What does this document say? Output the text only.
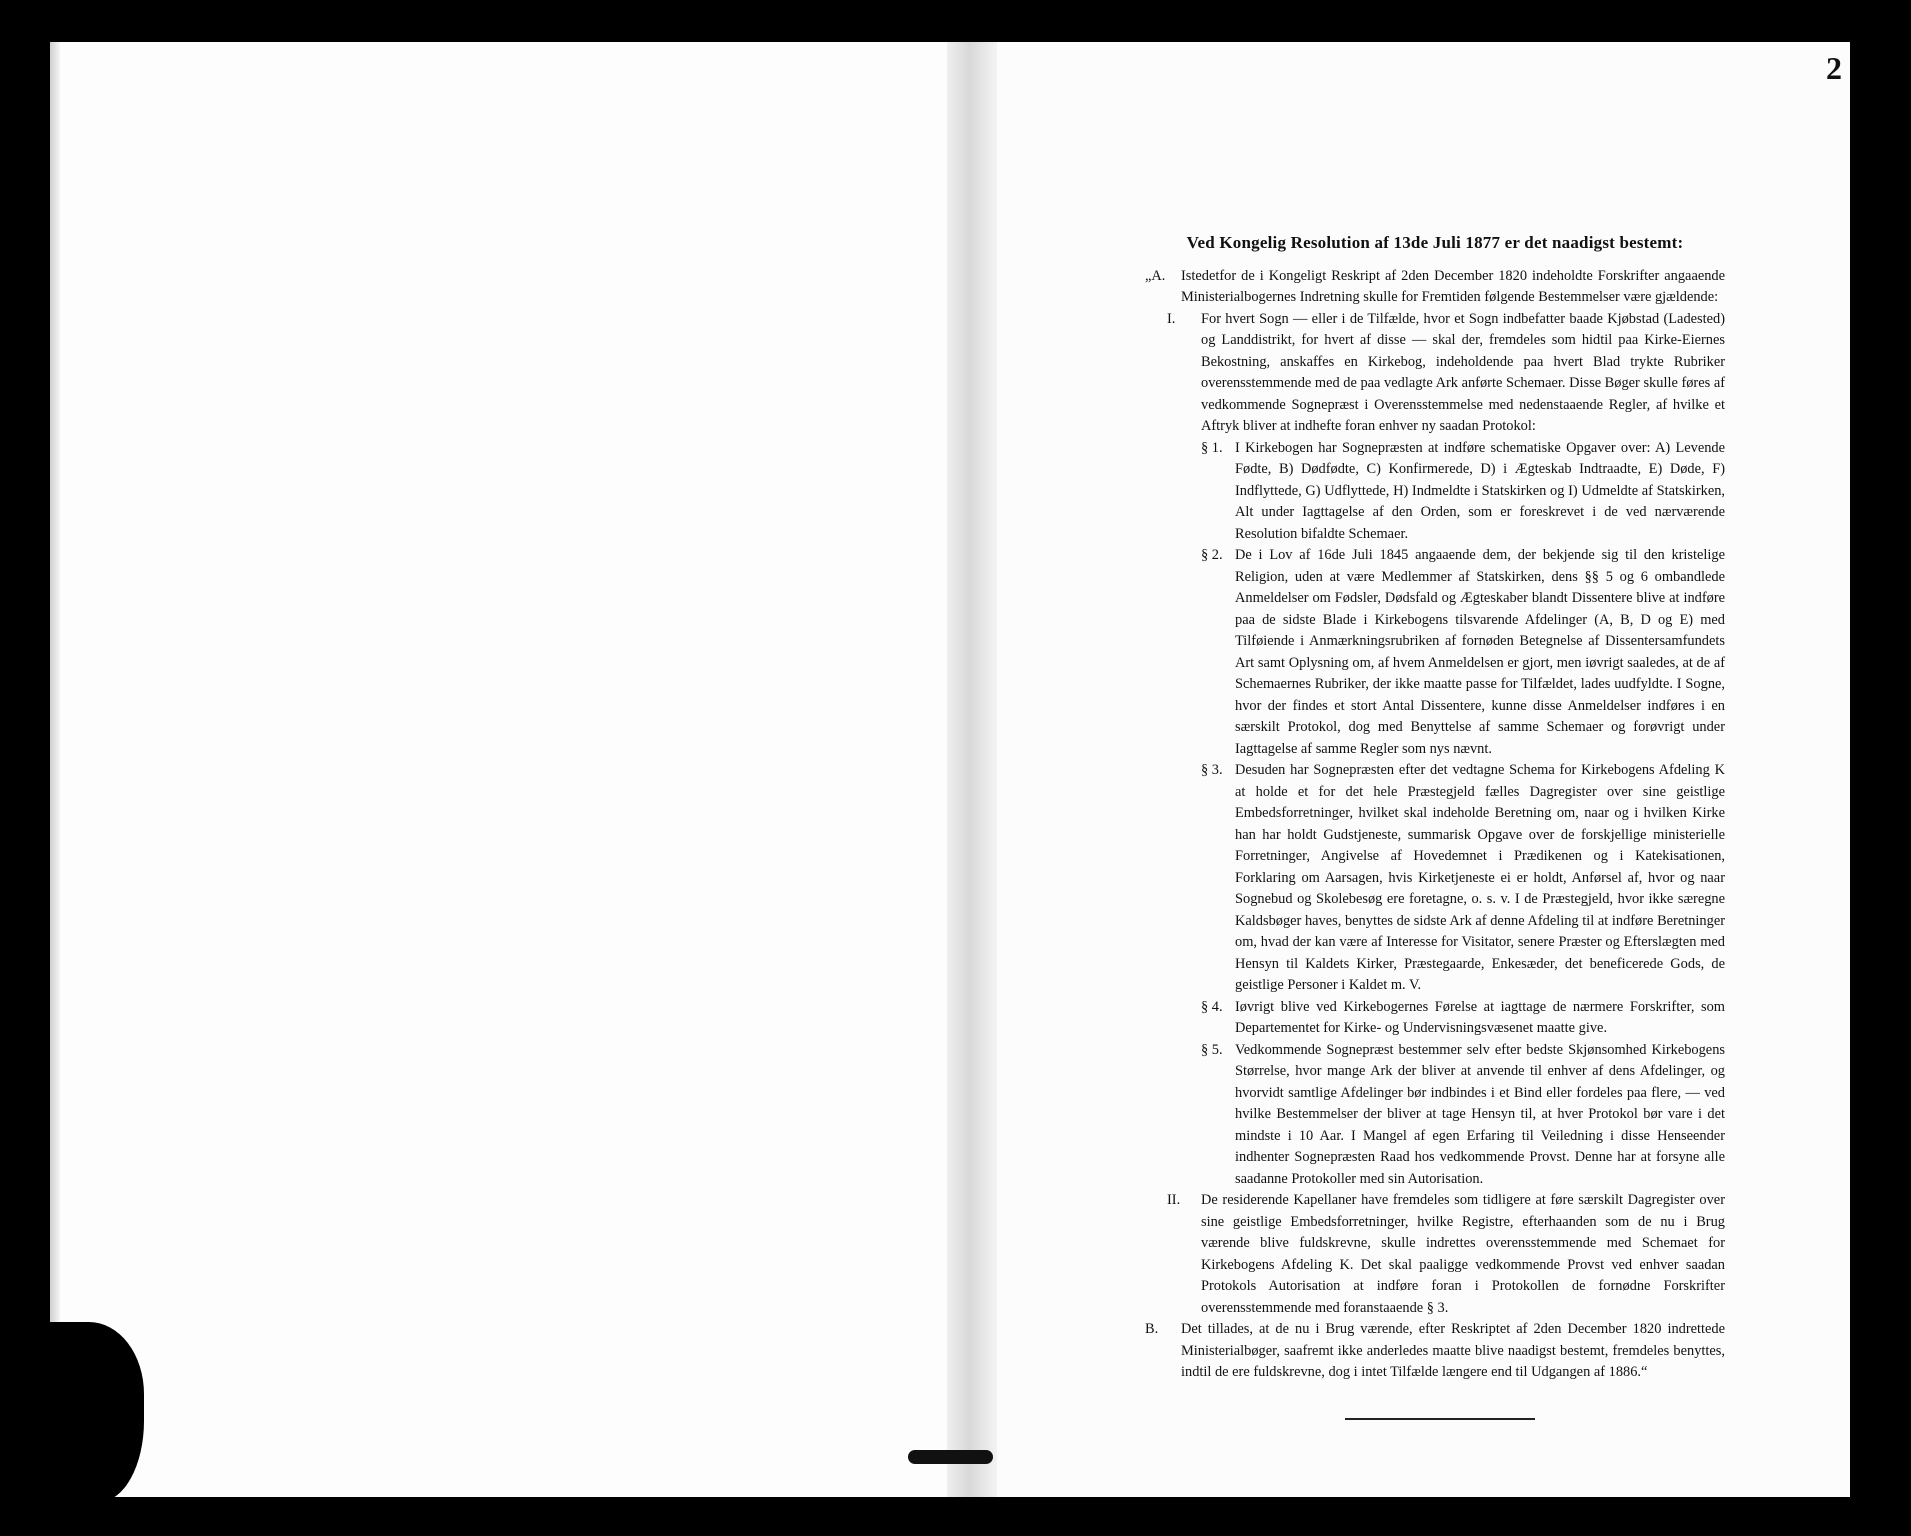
2
Ved Kongelig Resolution af 13de Juli 1877 er det naadigst bestemt:
„A. Istedetfor de i Kongeligt Reskript af 2den December 1820 indeholdte Forskrifter angaaende Ministerialbogernes Indretning skulle for Fremtiden følgende Bestemmelser være gjældende:
I. For hvert Sogn — eller i de Tilfælde, hvor et Sogn indbefatter baade Kjøbstad (Ladested) og Landdistrikt, for hvert af disse — skal der, fremdeles som hidtil paa Kirke-Eiernes Bekostning, anskaffes en Kirkebog, indeholdende paa hvert Blad trykte Rubriker overensstemmende med de paa vedlagte Ark anførte Schemaer. Disse Bøger skulle føres af vedkommende Sognepræst i Overensstemmelse med nedenstaaende Regler, af hvilke et Aftryk bliver at indhefte foran enhver ny saadan Protokol:
§ 1. I Kirkebogen har Sognepræsten at indføre schematiske Opgaver over: A) Levende Fødte, B) Dødfødte, C) Konfirmerede, D) i Ægteskab Indtraadte, E) Døde, F) Indflyttede, G) Udflyttede, H) Indmeldte i Statskirken og I) Udmeldte af Statskirken, Alt under Iagttagelse af den Orden, som er foreskrevet i de ved nærværende Resolution bifaldte Schemaer.
§ 2. De i Lov af 16de Juli 1845 angaaende dem, der bekjende sig til den kristelige Religion, uden at være Medlemmer af Statskirken, dens §§ 5 og 6 ombandlede Anmeldelser om Fødsler, Dødsfald og Ægteskaber blandt Dissentere blive at indføre paa de sidste Blade i Kirkebogens tilsvarende Afdelinger (A, B, D og E) med Tilføiende i Anmærkningsrubriken af fornøden Betegnelse af Dissentersamfundets Art samt Oplysning om, af hvem Anmeldelsen er gjort, men iøvrigt saaledes, at de af Schemaernes Rubriker, der ikke maatte passe for Tilfældet, lades uudfyldte. I Sogne, hvor der findes et stort Antal Dissentere, kunne disse Anmeldelser indføres i en særskilt Protokol, dog med Benyttelse af samme Schemaer og forøvrigt under Iagttagelse af samme Regler som nys nævnt.
§ 3. Desuden har Sognepræsten efter det vedtagne Schema for Kirkebogens Afdeling K at holde et for det hele Præstegjeld fælles Dagregister over sine geistlige Embedsforretninger, hvilket skal indeholde Beretning om, naar og i hvilken Kirke han har holdt Gudstjeneste, summarisk Opgave over de forskjellige ministerielle Forretninger, Angivelse af Hovedemnet i Prædikenen og i Katekisationen, Forklaring om Aarsagen, hvis Kirketjeneste ei er holdt, Anførsel af, hvor og naar Sognebud og Skolebesøg ere foretagne, o. s. v. I de Præstegjeld, hvor ikke særegne Kaldsbøger haves, benyttes de sidste Ark af denne Afdeling til at indføre Beretninger om, hvad der kan være af Interesse for Visitator, senere Præster og Efterslægten med Hensyn til Kaldets Kirker, Præstegaarde, Enkesæder, det beneficerede Gods, de geistlige Personer i Kaldet m. V.
§ 4. Iøvrigt blive ved Kirkebogernes Førelse at iagttage de nærmere Forskrifter, som Departementet for Kirke- og Undervisningsvæsenet maatte give.
§ 5. Vedkommende Sognepræst bestemmer selv efter bedste Skjønsomhed Kirkebogens Størrelse, hvor mange Ark der bliver at anvende til enhver af dens Afdelinger, og hvorvidt samtlige Afdelinger bør indbindes i et Bind eller fordeles paa flere, — ved hvilke Bestemmelser der bliver at tage Hensyn til, at hver Protokol bør vare i det mindste i 10 Aar. I Mangel af egen Erfaring til Veiledning i disse Henseender indhenter Sognepræsten Raad hos vedkommende Provst. Denne har at forsyne alle saadanne Protokoller med sin Autorisation.
II. De residerende Kapellaner have fremdeles som tidligere at føre særskilt Dagregister over sine geistlige Embedsforretninger, hvilke Registre, efterhaanden som de nu i Brug værende blive fuldskrevne, skulle indrettes overensstemmende med Schemaet for Kirkebogens Afdeling K. Det skal paaligge vedkommende Provst ved enhver saadan Protokols Autorisation at indføre foran i Protokollen de fornødne Forskrifter overensstemmende med foranstaaende § 3.
B. Det tillades, at de nu i Brug værende, efter Reskriptet af 2den December 1820 indrettede Ministerialbøger, saafremt ikke anderledes maatte blive naadigst bestemt, fremdeles benyttes, indtil de ere fuldskrevne, dog i intet Tilfælde længere end til Udgangen af 1886.“
